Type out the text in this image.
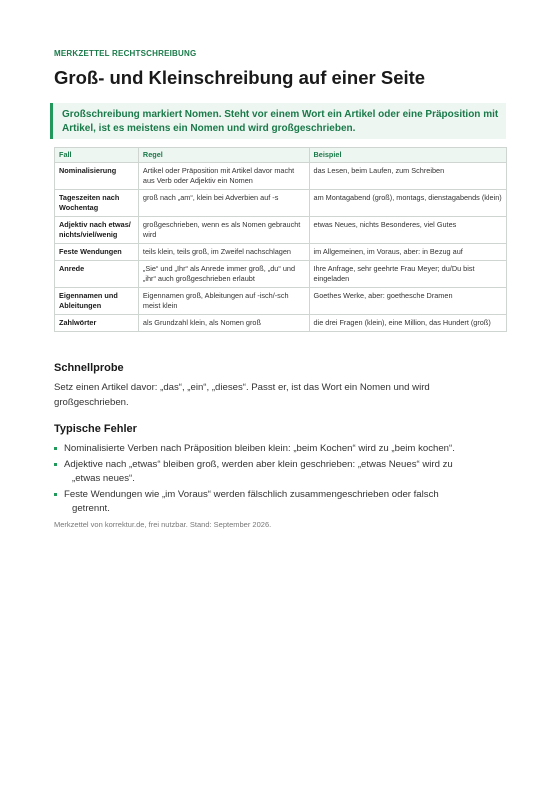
MERKZETTEL RECHTSCHREIBUNG
Groß- und Kleinschreibung auf einer Seite
Großschreibung markiert Nomen. Steht vor einem Wort ein Artikel oder eine Präposition mit Artikel, ist es meistens ein Nomen und wird großgeschrieben.
Fall	Regel	Beispiel
Nominalisierung	Artikel oder Präposition mit Artikel davor macht aus Verb oder Adjektiv ein Nomen	das Lesen, beim Laufen, zum Schreiben
Tageszeiten nach Wochentag	groß nach „am“, klein bei Adverbien auf -s	am Montagabend (groß), montags, dienstagabends (klein)
Adjektiv nach etwas/nichts/viel/wenig	großgeschrieben, wenn es als Nomen gebraucht wird	etwas Neues, nichts Besonderes, viel Gutes
Feste Wendungen	teils klein, teils groß, im Zweifel nachschlagen	im Allgemeinen, im Voraus, aber: in Bezug auf
Anrede	„Sie“ und „Ihr“ als Anrede immer groß, „du“ und „ihr“ auch großgeschrieben erlaubt	Ihre Anfrage, sehr geehrte Frau Meyer; du/Du bist eingeladen
Eigennamen und Ableitungen	Eigennamen groß, Ableitungen auf -isch/-sch meist klein	Goethes Werke, aber: goethesche Dramen
Zahlwörter	als Grundzahl klein, als Nomen groß	die drei Fragen (klein), eine Million, das Hundert (groß)
Schnellprobe
Setz einen Artikel davor: „das“, „ein“, „dieses“. Passt er, ist das Wort ein Nomen und wird großgeschrieben.
Typische Fehler
Nominalisierte Verben nach Präposition bleiben klein: „beim Kochen“ wird zu „beim kochen“.
Adjektive nach „etwas“ bleiben groß, werden aber klein geschrieben: „etwas Neues“ wird zu
„etwas neues“.
Feste Wendungen wie „im Voraus“ werden fälschlich zusammengeschrieben oder falsch
getrennt.
Merkzettel von korrektur.de, frei nutzbar. Stand: September 2026.
